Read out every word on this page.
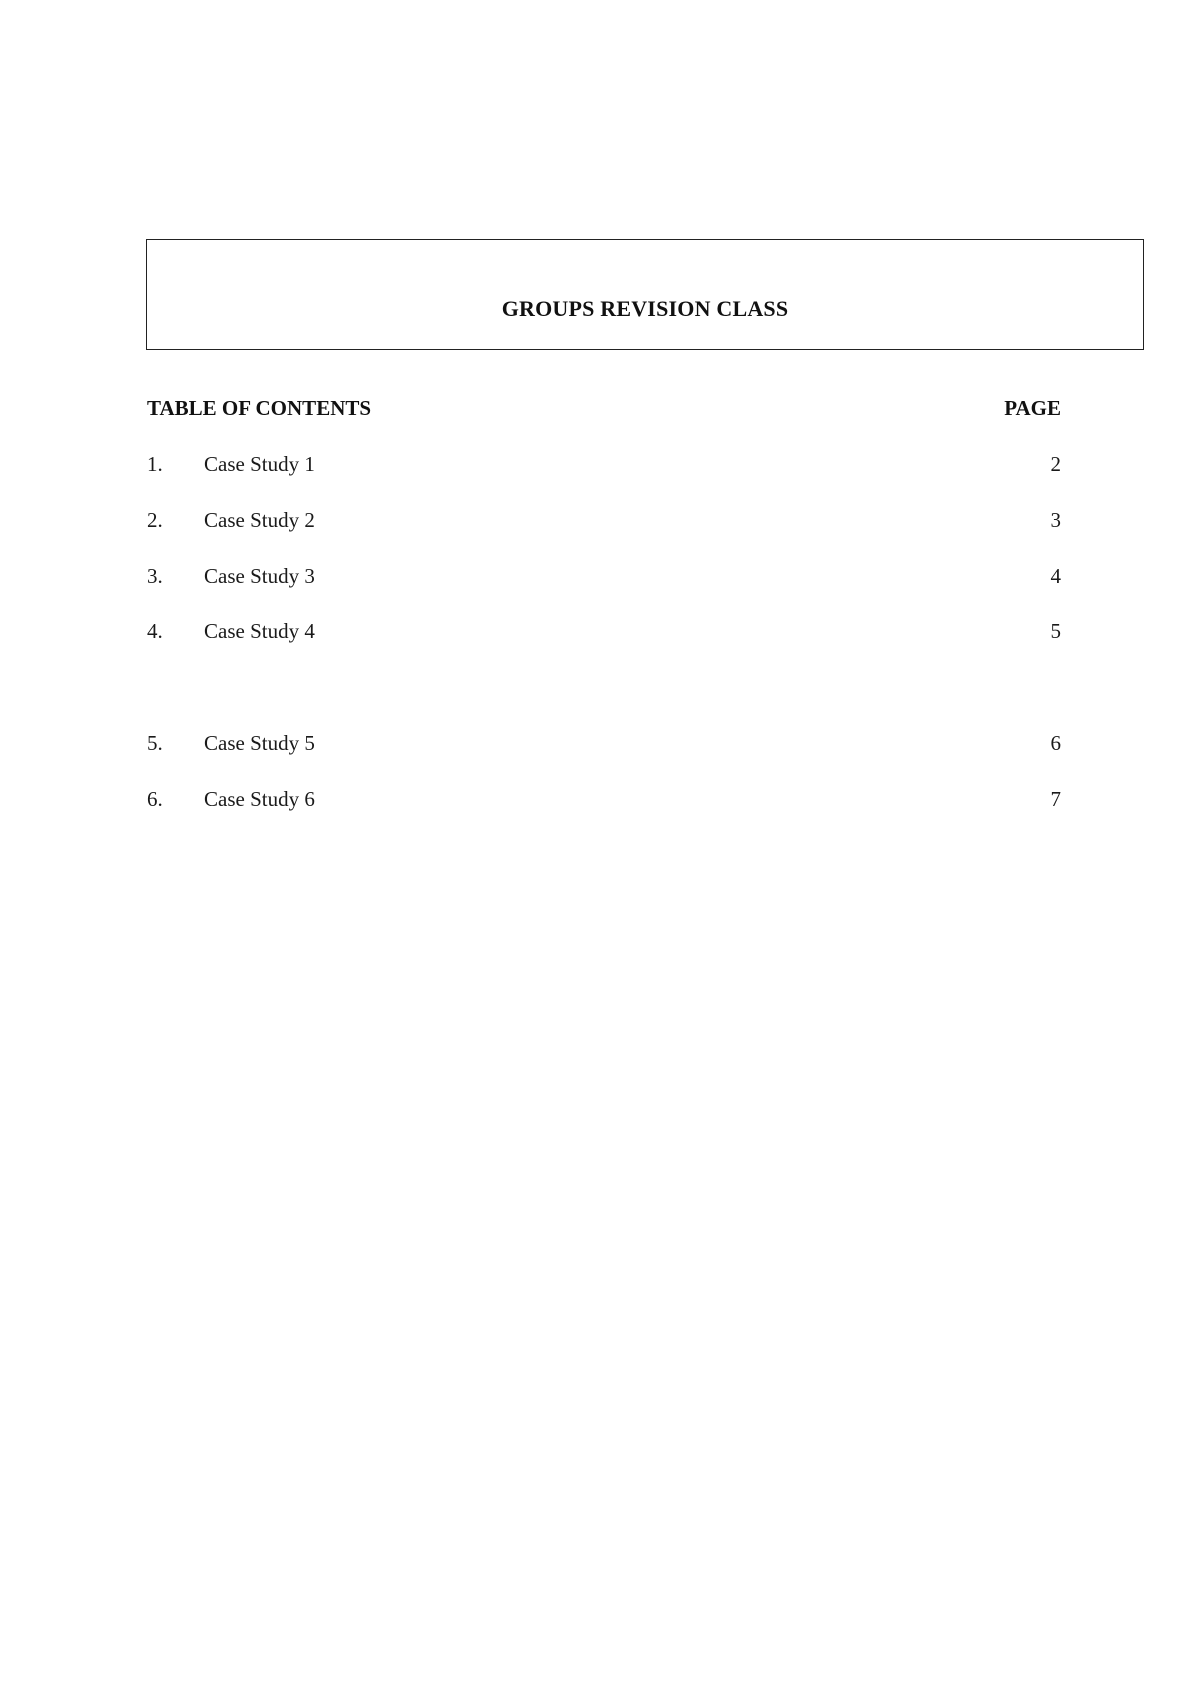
GROUPS REVISION CLASS
TABLE OF CONTENTS	PAGE
1. Case Study 1	2
2. Case Study 2	3
3. Case Study 3	4
4. Case Study 4	5
5. Case Study 5	6
6. Case Study 6	7
